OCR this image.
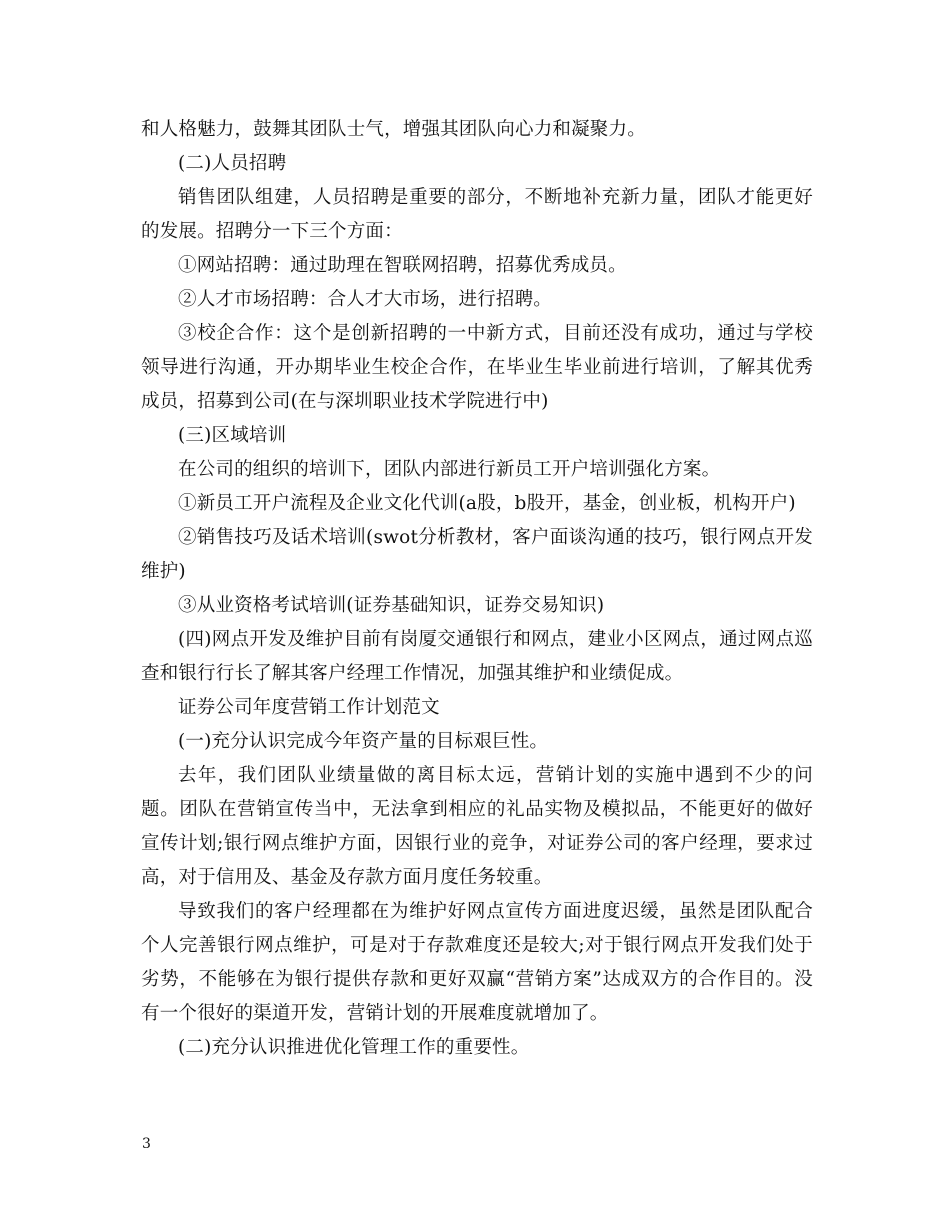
和人格魅力，鼓舞其团队士气，增强其团队向心力和凝聚力。

(二)人员招聘

销售团队组建，人员招聘是重要的部分，不断地补充新力量，团队才能更好的发展。招聘分一下三个方面：

①网站招聘：通过助理在智联网招聘，招募优秀成员。

②人才市场招聘：合人才大市场，进行招聘。

③校企合作：这个是创新招聘的一中新方式，目前还没有成功，通过与学校领导进行沟通，开办期毕业生校企合作，在毕业生毕业前进行培训，了解其优秀成员，招募到公司(在与深圳职业技术学院进行中)

(三)区域培训

在公司的组织的培训下，团队内部进行新员工开户培训强化方案。

①新员工开户流程及企业文化代训(a股，b股开，基金，创业板，机构开户)

②销售技巧及话术培训(swot分析教材，客户面谈沟通的技巧，银行网点开发维护)

③从业资格考试培训(证券基础知识，证券交易知识)

(四)网点开发及维护目前有岗厦交通银行和网点，建业小区网点，通过网点巡查和银行行长了解其客户经理工作情况，加强其维护和业绩促成。

证券公司年度营销工作计划范文

(一)充分认识完成今年资产量的目标艰巨性。

去年，我们团队业绩量做的离目标太远，营销计划的实施中遇到不少的问题。团队在营销宣传当中，无法拿到相应的礼品实物及模拟品，不能更好的做好宣传计划;银行网点维护方面，因银行业的竞争，对证券公司的客户经理，要求过高，对于信用及、基金及存款方面月度任务较重。

导致我们的客户经理都在为维护好网点宣传方面进度迟缓，虽然是团队配合个人完善银行网点维护，可是对于存款难度还是较大;对于银行网点开发我们处于劣势，不能够在为银行提供存款和更好双赢“营销方案”达成双方的合作目的。没有一个很好的渠道开发，营销计划的开展难度就增加了。

(二)充分认识推进优化管理工作的重要性。

3
